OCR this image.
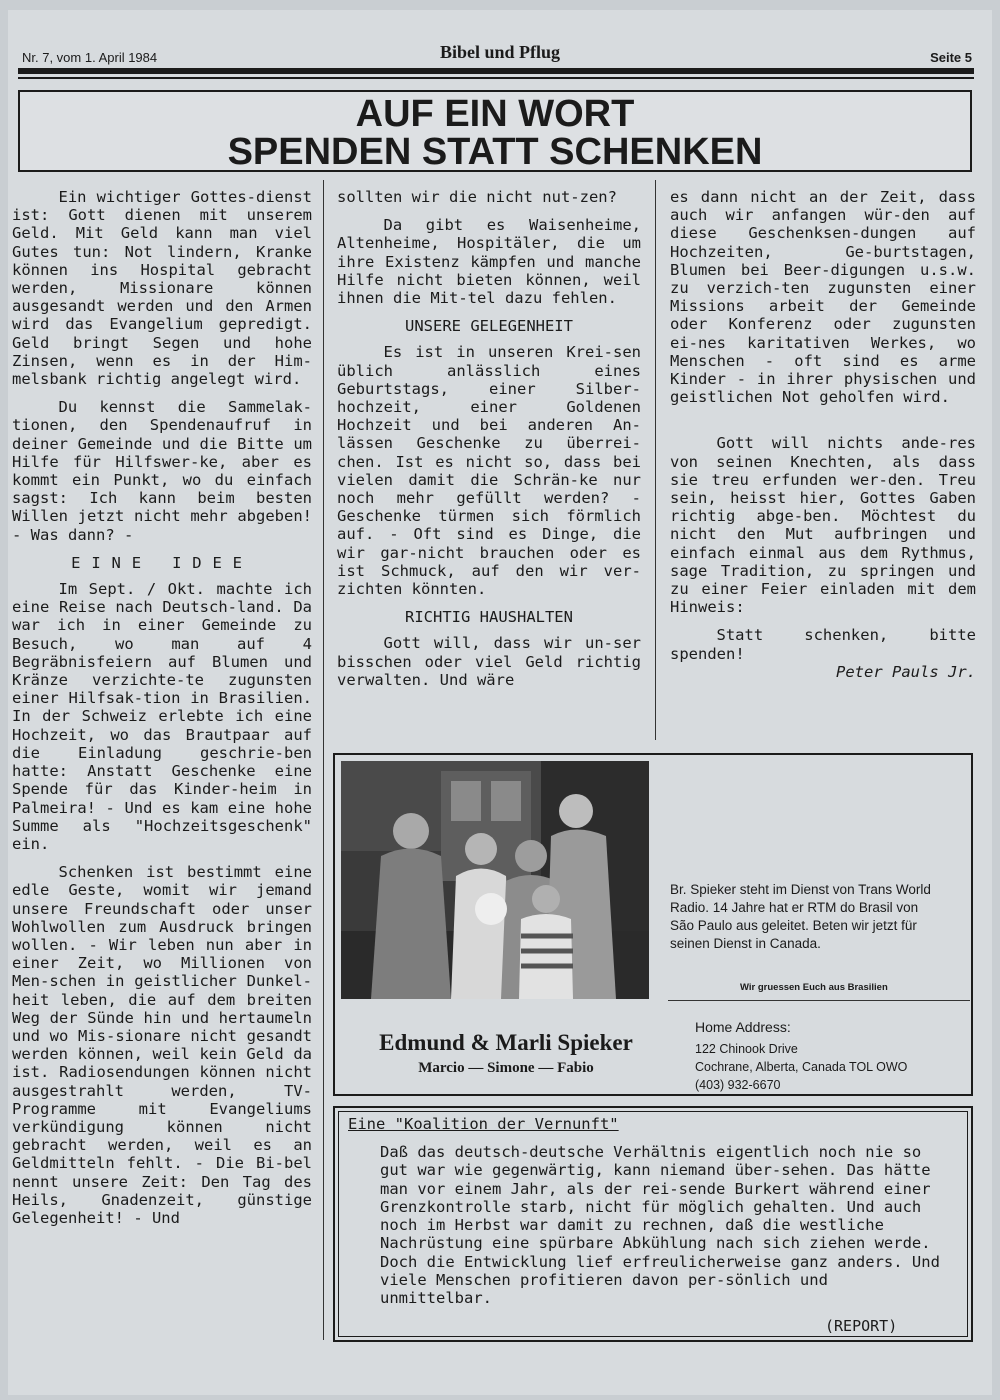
Nr. 7, vom 1. April 1984	Bibel und Pflug	Seite 5
AUF EIN WORT
SPENDEN STATT SCHENKEN

Ein wichtiger Gottes-dienst ist: Gott dienen mit unserem Geld. Mit Geld kann man viel Gutes tun: Not lindern, Kranke können ins Hospital gebracht werden, Missionare können ausgesandt werden und den Armen wird das Evangelium gepredigt. Geld bringt Segen und hohe Zinsen, wenn es in der Him-melsbank richtig angelegt wird.

Du kennst die Sammelak-tionen, den Spendenaufruf in deiner Gemeinde und die Bitte um Hilfe für Hilfswer-ke, aber es kommt ein Punkt, wo du einfach sagst: Ich kann beim besten Willen jetzt nicht mehr abgeben! - Was dann? -

EINE IDEE

Im Sept. / Okt. machte ich eine Reise nach Deutsch-land. Da war ich in einer Gemeinde zu Besuch, wo man auf 4 Begräbnisfeiern auf Blumen und Kränze verzichte-te zugunsten einer Hilfsak-tion in Brasilien. In der Schweiz erlebte ich eine Hochzeit, wo das Brautpaar auf die Einladung geschrie-ben hatte: Anstatt Geschenke eine Spende für das Kinder-heim in Palmeira! - Und es kam eine hohe Summe als "Hochzeitsgeschenk" ein.

Schenken ist bestimmt eine edle Geste, womit wir jemand unsere Freundschaft oder unser Wohlwollen zum Ausdruck bringen wollen. - Wir leben nun aber in einer Zeit, wo Millionen von Men-schen in geistlicher Dunkel-heit leben, die auf dem breiten Weg der Sünde hin und hertaumeln und wo Mis-sionare nicht gesandt werden können, weil kein Geld da ist. Radiosendungen können nicht ausgestrahlt werden, TV-Programme mit Evangeliums verkündigung können nicht gebracht werden, weil es an Geldmitteln fehlt. - Die Bi-bel nennt unsere Zeit: Den Tag des Heils, Gnadenzeit, günstige Gelegenheit! - Und

sollten wir die nicht nut-zen?

Da gibt es Waisenheime, Altenheime, Hospitäler, die um ihre Existenz kämpfen und manche Hilfe nicht bieten können, weil ihnen die Mit-tel dazu fehlen.

UNSERE GELEGENHEIT

Es ist in unseren Krei-sen üblich anlässlich eines Geburtstags, einer Silber-hochzeit, einer Goldenen Hochzeit und bei anderen An-lässen Geschenke zu überrei-chen. Ist es nicht so, dass bei vielen damit die Schrän-ke nur noch mehr gefüllt werden? - Geschenke türmen sich förmlich auf. - Oft sind es Dinge, die wir gar-nicht brauchen oder es ist Schmuck, auf den wir ver-zichten könnten.

RICHTIG HAUSHALTEN

Gott will, dass wir un-ser bisschen oder viel Geld richtig verwalten. Und wäre

es dann nicht an der Zeit, dass auch wir anfangen wür-den auf diese Geschenksen-dungen auf Hochzeiten, Ge-burtstagen, Blumen bei Beer-digungen u.s.w. zu verzich-ten zugunsten einer Missions arbeit der Gemeinde oder Konferenz oder zugunsten ei-nes karitativen Werkes, wo Menschen - oft sind es arme Kinder - in ihrer physischen und geistlichen Not geholfen wird.

Gott will nichts ande-res von seinen Knechten, als dass sie treu erfunden wer-den. Treu sein, heisst hier, Gottes Gaben richtig abge-ben. Möchtest du nicht den Mut aufbringen und einfach einmal aus dem Rythmus, sage Tradition, zu springen und zu einer Feier einladen mit dem Hinweis:

Statt schenken, bitte spenden!

Peter Pauls Jr.

Br. Spieker steht im Dienst von Trans World Radio. 14 Jahre hat er RTM do Brasil von São Paulo aus geleitet. Beten wir jetzt für seinen Dienst in Canada.
Wir gruessen Euch aus Brasilien
Edmund & Marli Spieker
Marcio — Simone — Fabio
Home Address:
122 Chinook Drive
Cochrane, Alberta, Canada TOL OWO
(403) 932-6670
Eine "Koalition der Vernunft"
Daß das deutsch-deutsche Verhältnis eigentlich noch nie so gut war wie gegenwärtig, kann niemand über-sehen. Das hätte man vor einem Jahr, als der rei-sende Burkert während einer Grenzkontrolle starb, nicht für möglich gehalten. Und auch noch im Herbst war damit zu rechnen, daß die westliche Nachrüstung eine spürbare Abkühlung nach sich ziehen werde. Doch die Entwicklung lief erfreulicherweise ganz anders. Und viele Menschen profitieren davon per-sönlich und unmittelbar.
(REPORT)
